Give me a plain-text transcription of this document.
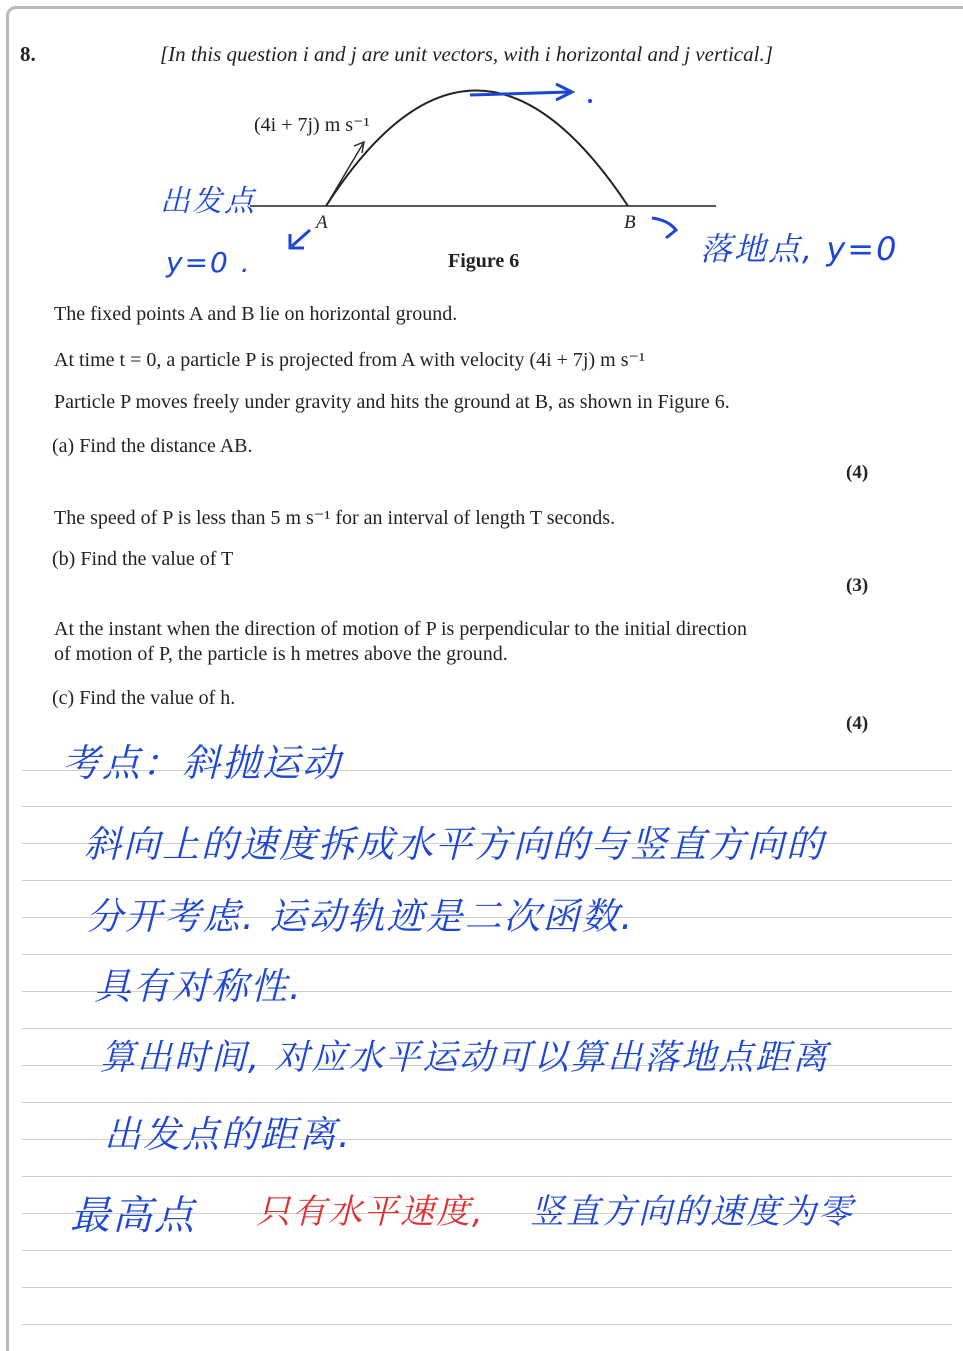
8.	[In this question i and j are unit vectors, with i horizontal and j vertical.]
(4i + 7j) m s⁻¹
A	B
Figure 6
出发点
y=0 .	落地点, y=0
The fixed points A and B lie on horizontal ground.
At time t = 0, a particle P is projected from A with velocity (4i + 7j) m s⁻¹
Particle P moves freely under gravity and hits the ground at B, as shown in Figure 6.
(a) Find the distance AB.
(4)
The speed of P is less than 5 m s⁻¹ for an interval of length T seconds.
(b) Find the value of T
(3)
At the instant when the direction of motion of P is perpendicular to the initial direction
of motion of P, the particle is h metres above the ground.
(c) Find the value of h.
(4)
考点：斜抛运动
斜向上的速度拆成水平方向的与竖直方向的
分开考虑. 运动轨迹是二次函数.
具有对称性.
算出时间, 对应水平运动可以算出落地点距离
出发点的距离.
最高点 只有水平速度, 竖直方向的速度为零
